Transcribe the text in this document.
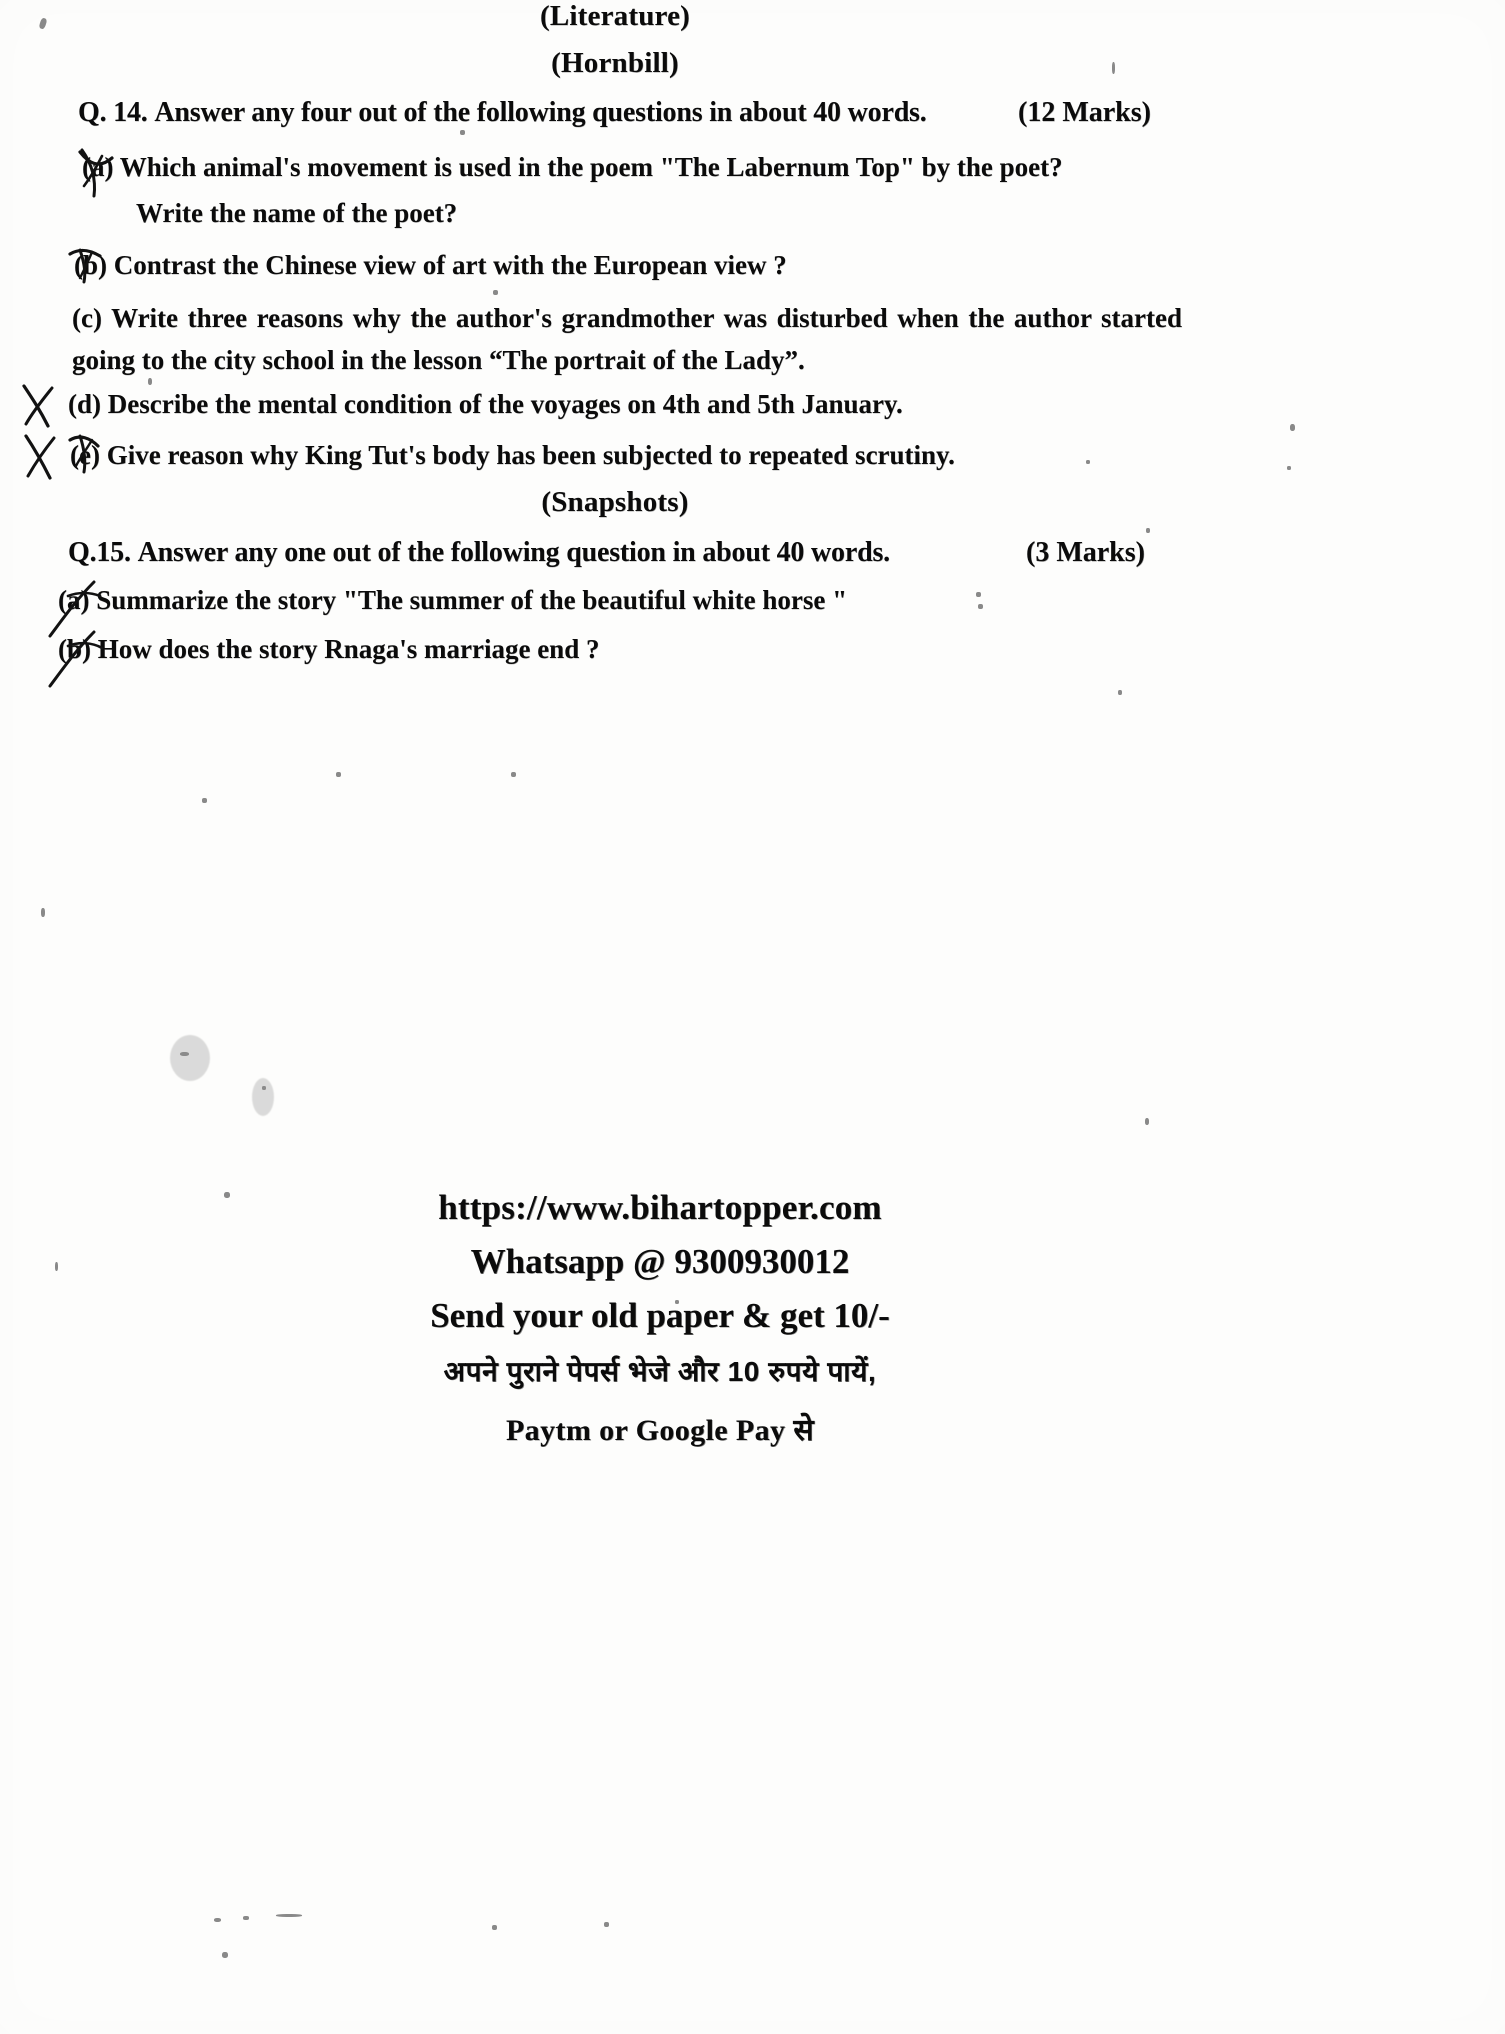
(Literature)
(Hornbill)
Q. 14. Answer any four out of the following questions in about 40 words.	(12 Marks)
(a) Which animal's movement is used in the poem "The Labernum Top" by the poet?
Write the name of the poet?
(b) Contrast the Chinese view of art with the European view ?
(c) Write three reasons why the author's grandmother was disturbed when the author started going to the city school in the lesson “The portrait of the Lady”.
(d) Describe the mental condition of the voyages on 4th and 5th January.
(e) Give reason why King Tut's body has been subjected to repeated scrutiny.
(Snapshots)
Q.15. Answer any one out of the following question in about 40 words.	(3 Marks)
(a) Summarize the story "The summer of the beautiful white horse "
(b) How does the story Rnaga's marriage end ?
https://www.bihartopper.com
Whatsapp @ 9300930012
Send your old paper & get 10/-
अपने पुराने पेपर्स भेजे और 10 रुपये पायें,
Paytm or Google Pay से
